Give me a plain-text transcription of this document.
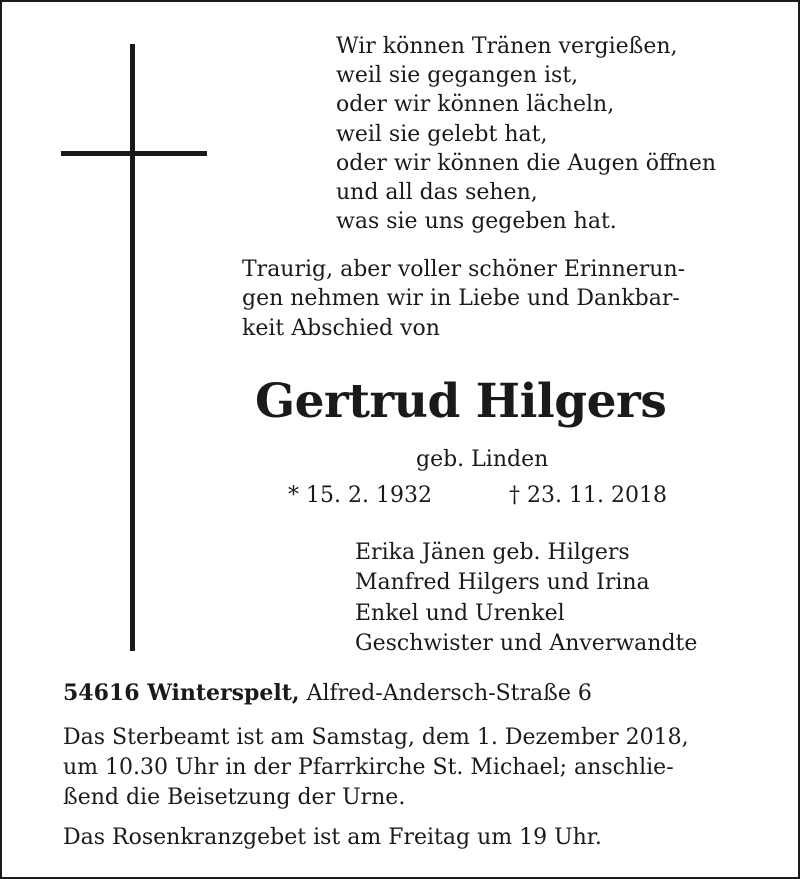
Wir können Tränen vergießen,
weil sie gegangen ist,
oder wir können lächeln,
weil sie gelebt hat,
oder wir können die Augen öffnen
und all das sehen,
was sie uns gegeben hat.
Traurig, aber voller schöner Erinnerun-
gen nehmen wir in Liebe und Dankbar-
keit Abschied von
Gertrud Hilgers
geb. Linden
* 15. 2. 1932	† 23. 11. 2018
Erika Jänen geb. Hilgers
Manfred Hilgers und Irina
Enkel und Urenkel
Geschwister und Anverwandte
54616 Winterspelt, Alfred-Andersch-Straße 6
Das Sterbeamt ist am Samstag, dem 1. Dezember 2018,
um 10.30 Uhr in der Pfarrkirche St. Michael; anschlie-
ßend die Beisetzung der Urne.
Das Rosenkranzgebet ist am Freitag um 19 Uhr.
